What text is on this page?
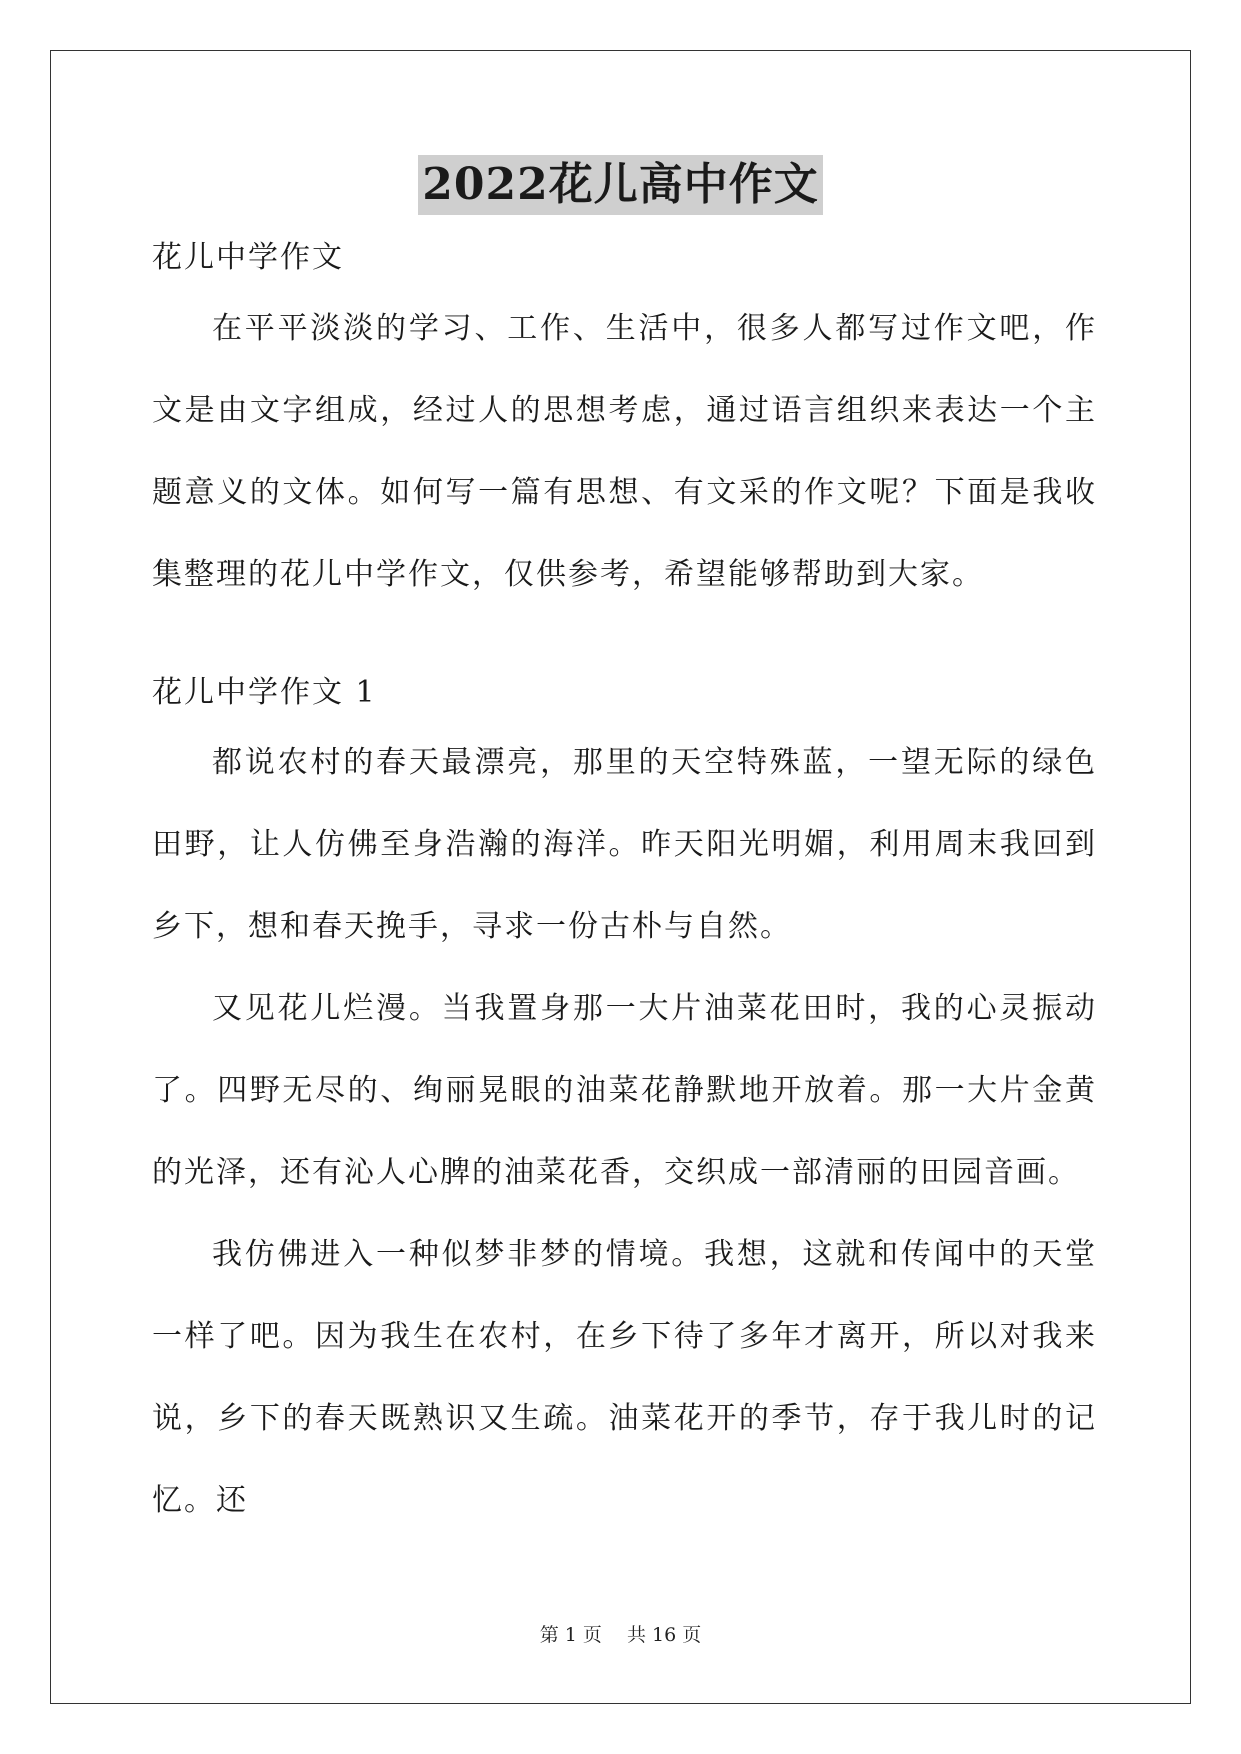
2022花儿高中作文

花儿中学作文

在平平淡淡的学习、工作、生活中，很多人都写过作文吧，作文是由文字组成，经过人的思想考虑，通过语言组织来表达一个主题意义的文体。如何写一篇有思想、有文采的作文呢？下面是我收集整理的花儿中学作文，仅供参考，希望能够帮助到大家。

花儿中学作文 1

都说农村的春天最漂亮，那里的天空特殊蓝，一望无际的绿色田野，让人仿佛至身浩瀚的海洋。昨天阳光明媚，利用周末我回到乡下，想和春天挽手，寻求一份古朴与自然。

又见花儿烂漫。当我置身那一大片油菜花田时，我的心灵振动了。四野无尽的、绚丽晃眼的油菜花静默地开放着。那一大片金黄的光泽，还有沁人心脾的油菜花香，交织成一部清丽的田园音画。

我仿佛进入一种似梦非梦的情境。我想，这就和传闻中的天堂一样了吧。因为我生在农村，在乡下待了多年才离开，所以对我来说，乡下的春天既熟识又生疏。油菜花开的季节，存于我儿时的记忆。还

第 1 页　 共 16 页
